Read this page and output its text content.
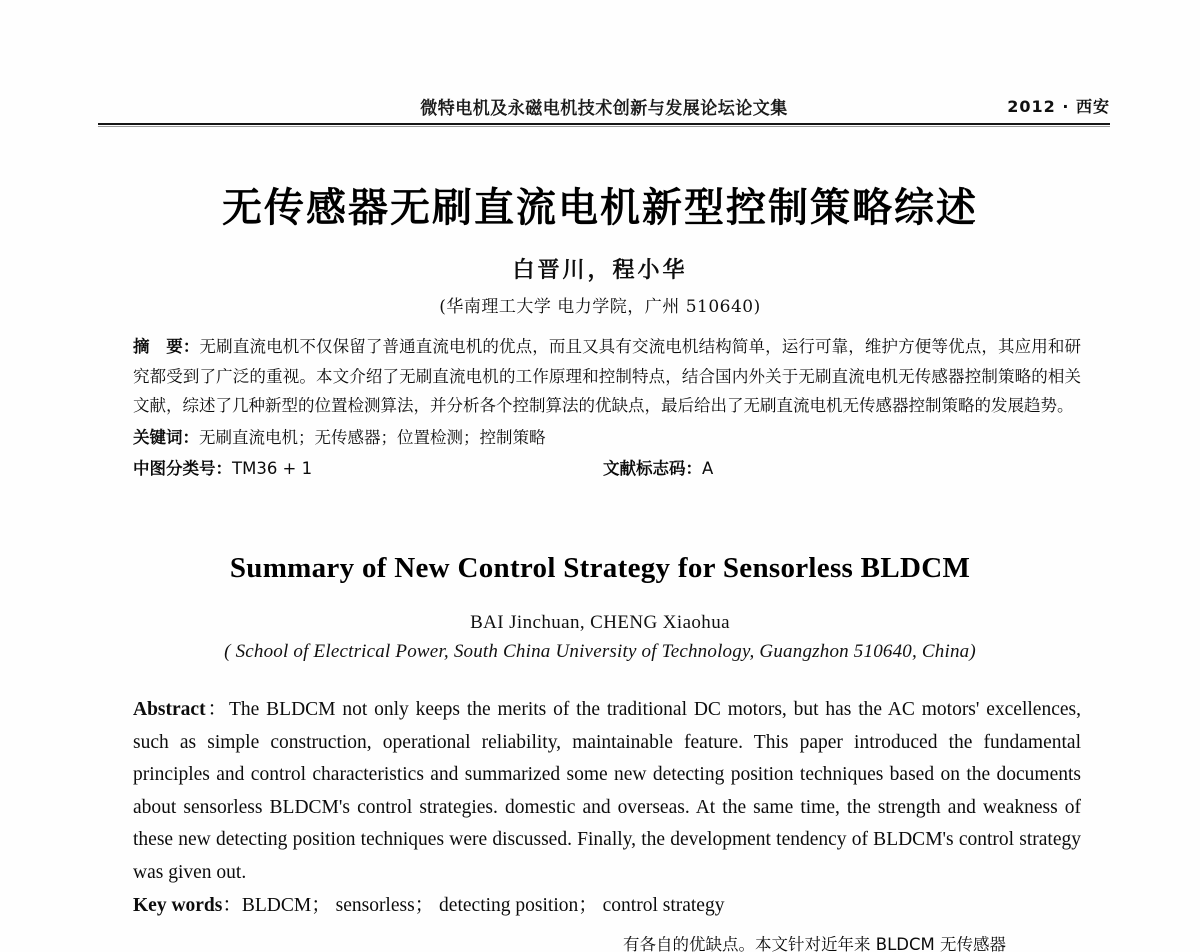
微特电机及永磁电机技术创新与发展论坛论文集	2012 · 西安
无传感器无刷直流电机新型控制策略综述
白晋川，程小华
(华南理工大学 电力学院，广州 510640)

摘　要：无刷直流电机不仅保留了普通直流电机的优点，而且又具有交流电机结构简单，运行可靠，维护方便等优点，其应用和研究都受到了广泛的重视。本文介绍了无刷直流电机的工作原理和控制特点，结合国内外关于无刷直流电机无传感器控制策略的相关文献，综述了几种新型的位置检测算法，并分析各个控制算法的优缺点，最后给出了无刷直流电机无传感器控制策略的发展趋势。

关键词：无刷直流电机；无传感器；位置检测；控制策略

中图分类号：TM36 + 1	文献标志码：A

Summary of New Control Strategy for Sensorless BLDCM
BAI Jinchuan, CHENG Xiaohua
( School of Electrical Power, South China University of Technology, Guangzhon 510640, China)

Abstract：The BLDCM not only keeps the merits of the traditional DC motors, but has the AC motors' excellences, such as simple construction, operational reliability, maintainable feature. This paper introduced the fundamental principles and control characteristics and summarized some new detecting position techniques based on the documents about sensorless BLDCM's control strategies. domestic and overseas. At the same time, the strength and weakness of these new detecting position techniques were discussed. Finally, the development tendency of BLDCM's control strategy was given out.

Key words：BLDCM； sensorless； detecting position； control strategy

有各自的优缺点。本文针对近年来 BLDCM 无传感器
